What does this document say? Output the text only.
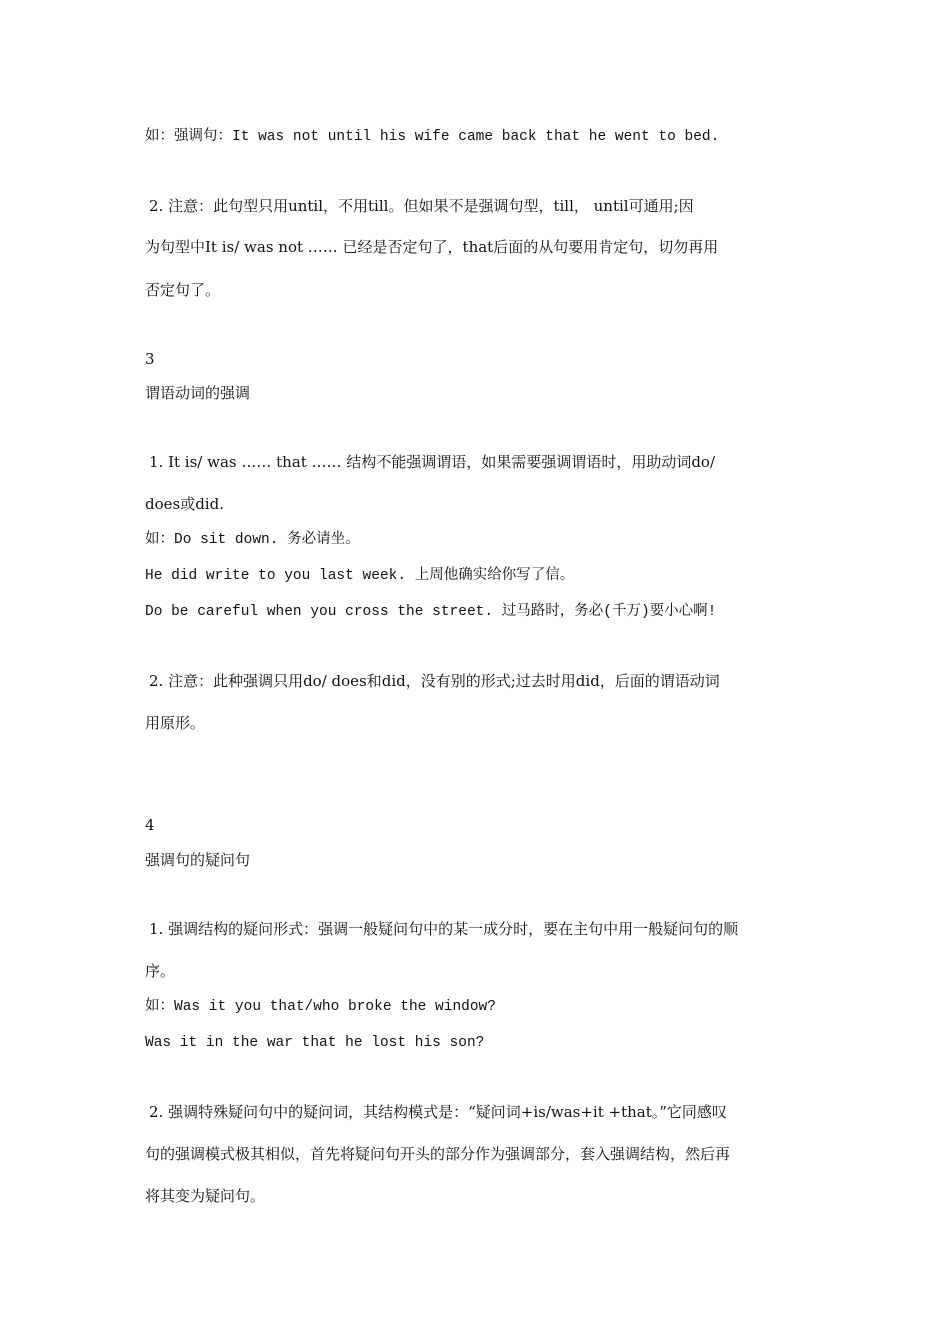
如：强调句：It was not until his wife came back that he went to bed.
2. 注意：此句型只用until，不用till。但如果不是强调句型，till， until可通用;因
为句型中It is/ was not …… 已经是否定句了，that后面的从句要用肯定句，切勿再用
否定句了。
3
谓语动词的强调
1. It is/ was …… that …… 结构不能强调谓语，如果需要强调谓语时，用助动词do/
does或did.
如：Do sit down. 务必请坐。
He did write to you last week. 上周他确实给你写了信。
Do be careful when you cross the street. 过马路时，务必(千万)要小心啊!
2. 注意：此种强调只用do/ does和did，没有别的形式;过去时用did，后面的谓语动词
用原形。
4
强调句的疑问句
1. 强调结构的疑问形式：强调一般疑问句中的某一成分时，要在主句中用一般疑问句的顺
序。
如：Was it you that/who broke the window?
Was it in the war that he lost his son?
2. 强调特殊疑问句中的疑问词，其结构模式是：“疑问词+is/was+it +that。”它同感叹
句的强调模式极其相似，首先将疑问句开头的部分作为强调部分，套入强调结构，然后再
将其变为疑问句。
